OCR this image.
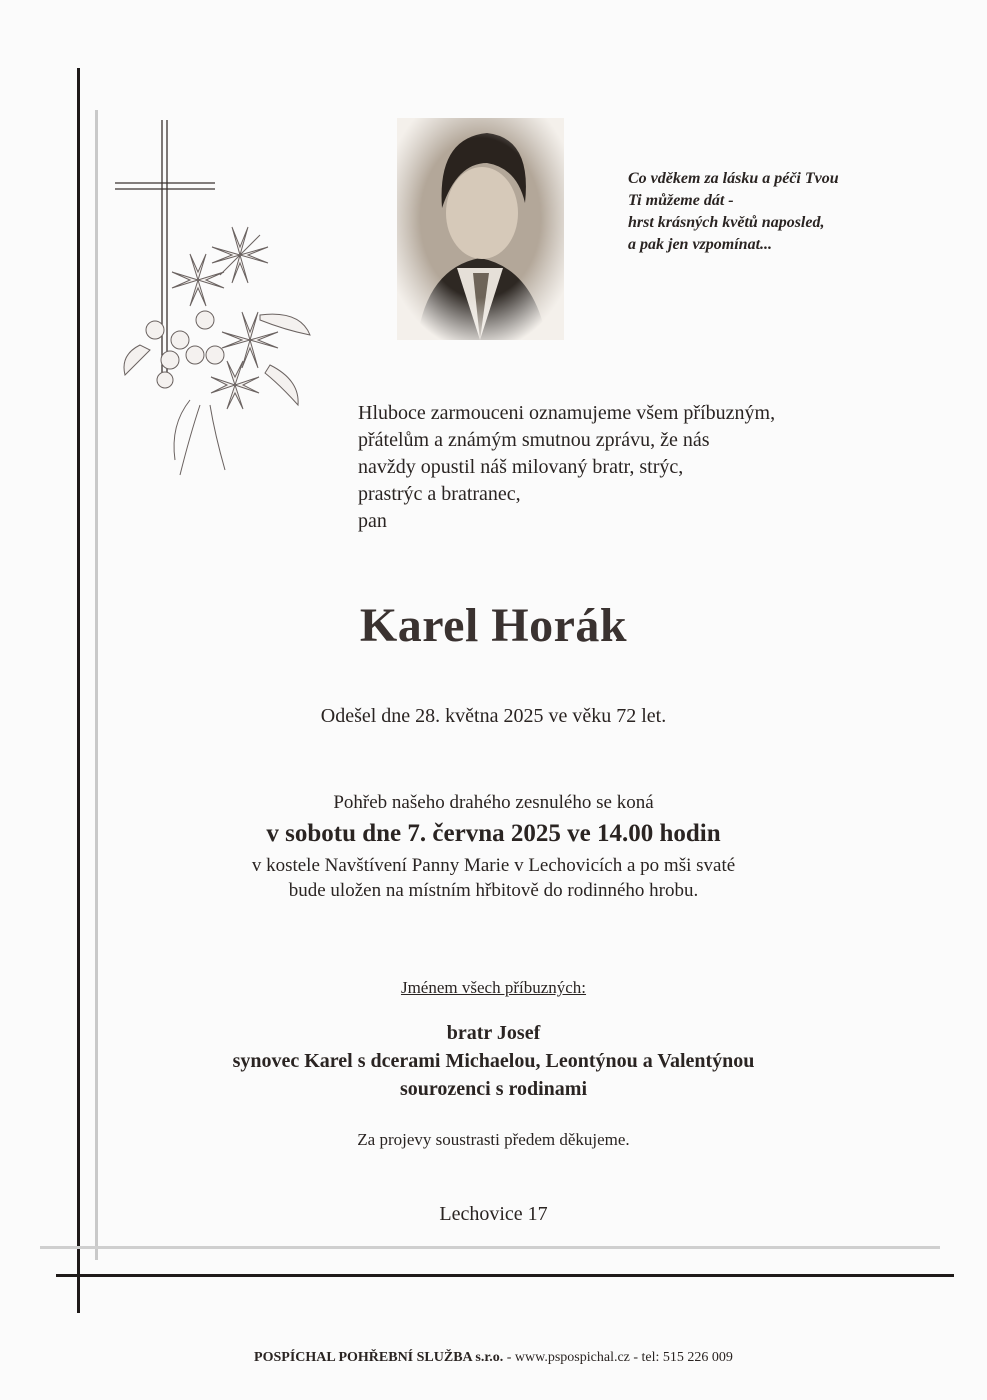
Co vděkem za lásku a péči Tvou
Ti můžeme dát -
hrst krásných květů naposled,
a pak jen vzpomínat...
Hluboce zarmouceni oznamujeme všem příbuzným,
přátelům a známým smutnou zprávu, že nás
navždy opustil náš milovaný bratr, strýc,
prastrýc a bratranec,
pan
Karel Horák
Odešel dne 28. května 2025 ve věku 72 let.
Pohřeb našeho drahého zesnulého se koná
v sobotu dne 7. června 2025 ve 14.00 hodin
v kostele Navštívení Panny Marie v Lechovicích a po mši svaté
bude uložen na místním hřbitově do rodinného hrobu.
Jménem všech příbuzných:
bratr Josef
synovec Karel s dcerami Michaelou, Leontýnou a Valentýnou
sourozenci s rodinami
Za projevy soustrasti předem děkujeme.
Lechovice 17
POSPÍCHAL POHŘEBNÍ SLUŽBA s.r.o. - www.pspospichal.cz - tel: 515 226 009
